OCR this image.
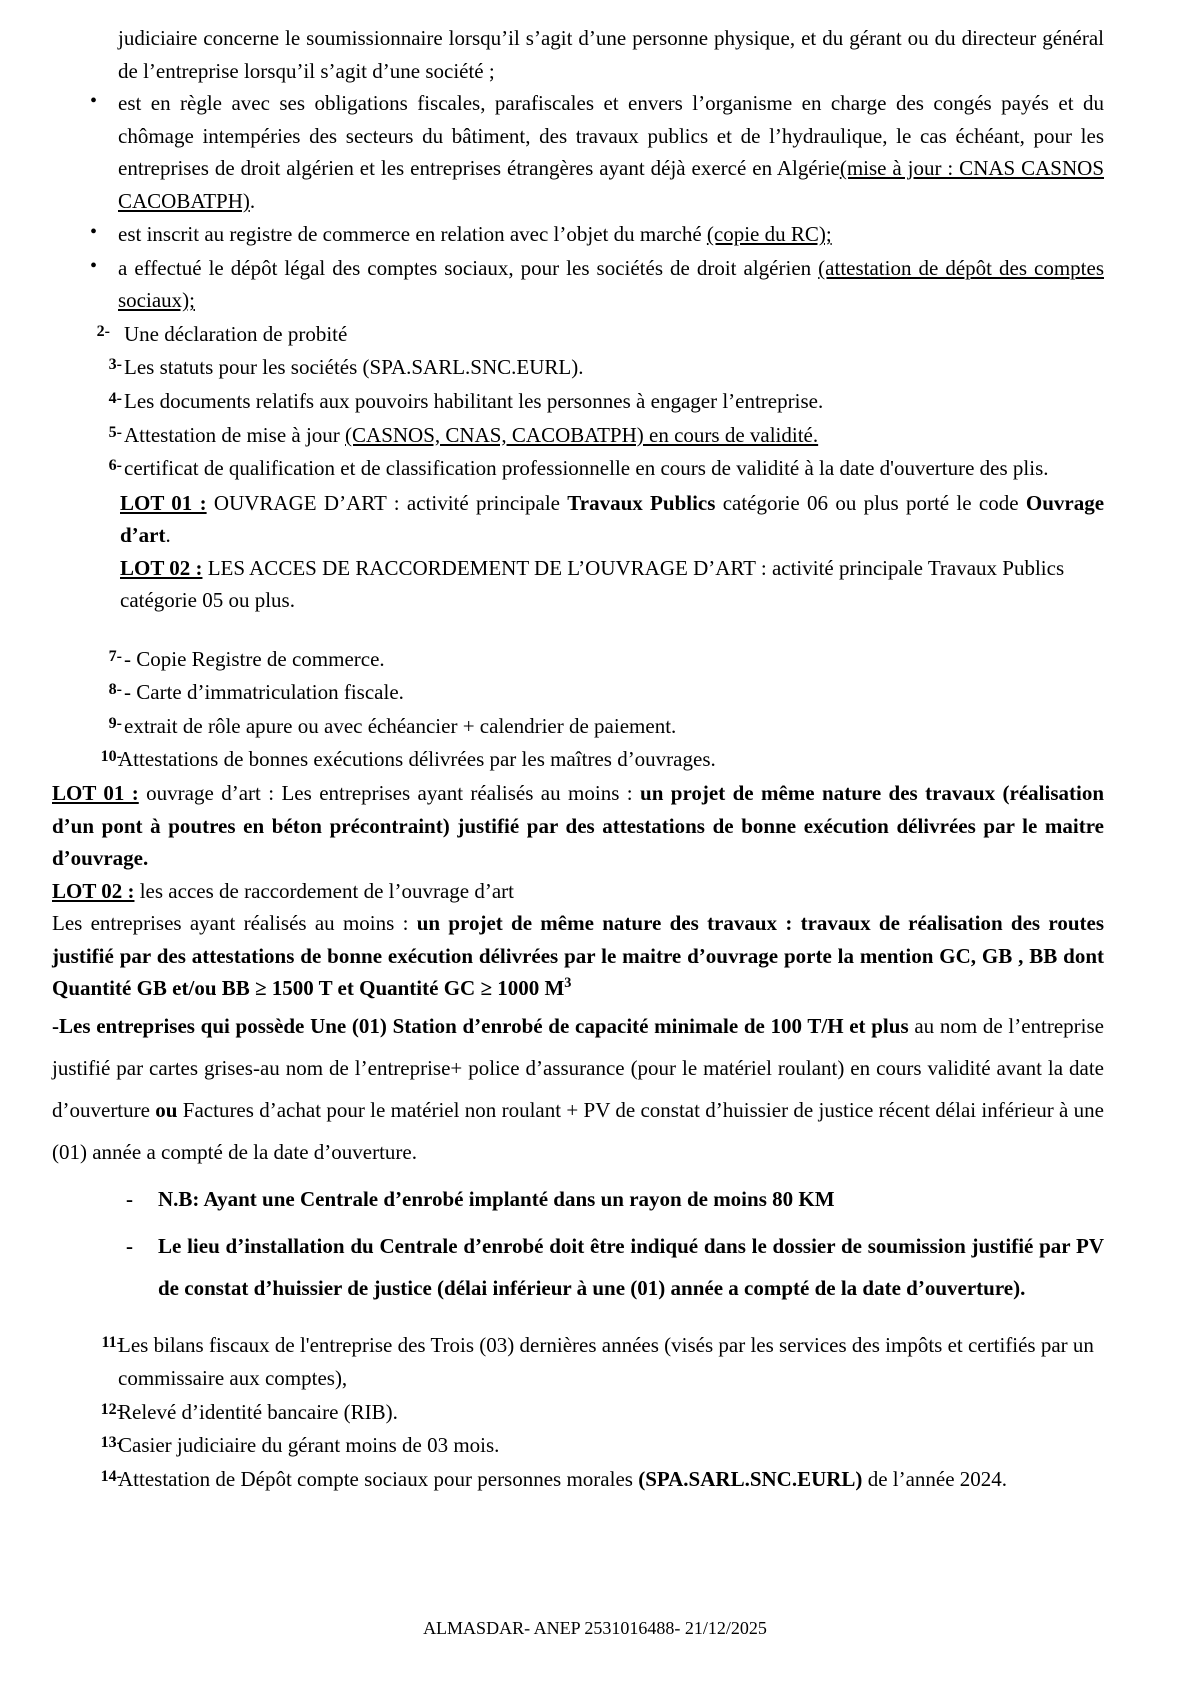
judiciaire concerne le soumissionnaire lorsqu’il s’agit d’une personne physique, et du gérant ou du directeur général de l’entreprise lorsqu’il s’agit d’une société ;
• est en règle avec ses obligations fiscales, parafiscales et envers l’organisme en charge des congés payés et du chômage intempéries des secteurs du bâtiment, des travaux publics et de l’hydraulique, le cas échéant, pour les entreprises de droit algérien et les entreprises étrangères ayant déjà exercé en Algérie(mise à jour : CNAS CASNOS CACOBATPH).
• est inscrit au registre de commerce en relation avec l’objet du marché (copie du RC);
• a effectué le dépôt légal des comptes sociaux, pour les sociétés de droit algérien (attestation de dépôt des comptes sociaux);
2- Une déclaration de probité
3- Les statuts pour les sociétés (SPA.SARL.SNC.EURL).
4- Les documents relatifs aux pouvoirs habilitant les personnes à engager l’entreprise.
5- Attestation de mise à jour (CASNOS, CNAS, CACOBATPH) en cours de validité.
6- certificat de qualification et de classification professionnelle en cours de validité à la date d'ouverture des plis.
LOT 01 : OUVRAGE D’ART : activité principale Travaux Publics catégorie 06 ou plus porté le code Ouvrage d’art.
LOT 02 : LES ACCES DE RACCORDEMENT DE L’OUVRAGE D’ART : activité principale Travaux Publics catégorie 05 ou plus.
7- - Copie Registre de commerce.
8- - Carte d’immatriculation fiscale.
9- extrait de rôle apure ou avec échéancier + calendrier de paiement.
10-
Attestations de bonnes exécutions délivrées par les maîtres d’ouvrages.
LOT 01 : ouvrage d’art : Les entreprises ayant réalisés au moins : un projet de même nature des travaux (réalisation d’un pont à poutres en béton précontraint) justifié par des attestations de bonne exécution délivrées par le maitre d’ouvrage.
LOT 02 : les acces de raccordement de l’ouvrage d’art
Les entreprises ayant réalisés au moins : un projet de même nature des travaux : travaux de réalisation des routes justifié par des attestations de bonne exécution délivrées par le maitre d’ouvrage porte la mention GC, GB , BB dont Quantité GB et/ou BB ≥ 1500 T et Quantité GC ≥ 1000 $M^3$
-Les entreprises qui possède Une (01) Station d’enrobé de capacité minimale de 100 T/H et plus au nom de l’entreprise justifié par cartes grises-au nom de l’entreprise+ police d’assurance (pour le matériel roulant) en cours validité avant la date d’ouverture ou Factures d’achat pour le matériel non roulant + PV de constat d’huissier de justice récent délai inférieur à une (01) année a compté de la date d’ouverture.
- N.B: Ayant une Centrale d’enrobé implanté dans un rayon de moins 80 KM
- Le lieu d’installation du Centrale d’enrobé doit être indiqué dans le dossier de soumission justifié par PV de constat d’huissier de justice (délai inférieur à une (01) année a compté de la date d’ouverture).
11-
Les bilans fiscaux de l'entreprise des Trois (03) dernières années (visés par les services des impôts et certifiés par un commissaire aux comptes),
12-
Relevé d’identité bancaire (RIB).
13-
Casier judiciaire du gérant moins de 03 mois.
14-
Attestation de Dépôt compte sociaux pour personnes morales (SPA.SARL.SNC.EURL) de l’année 2024.
ALMASDAR- ANEP 2531016488- 21/12/2025
